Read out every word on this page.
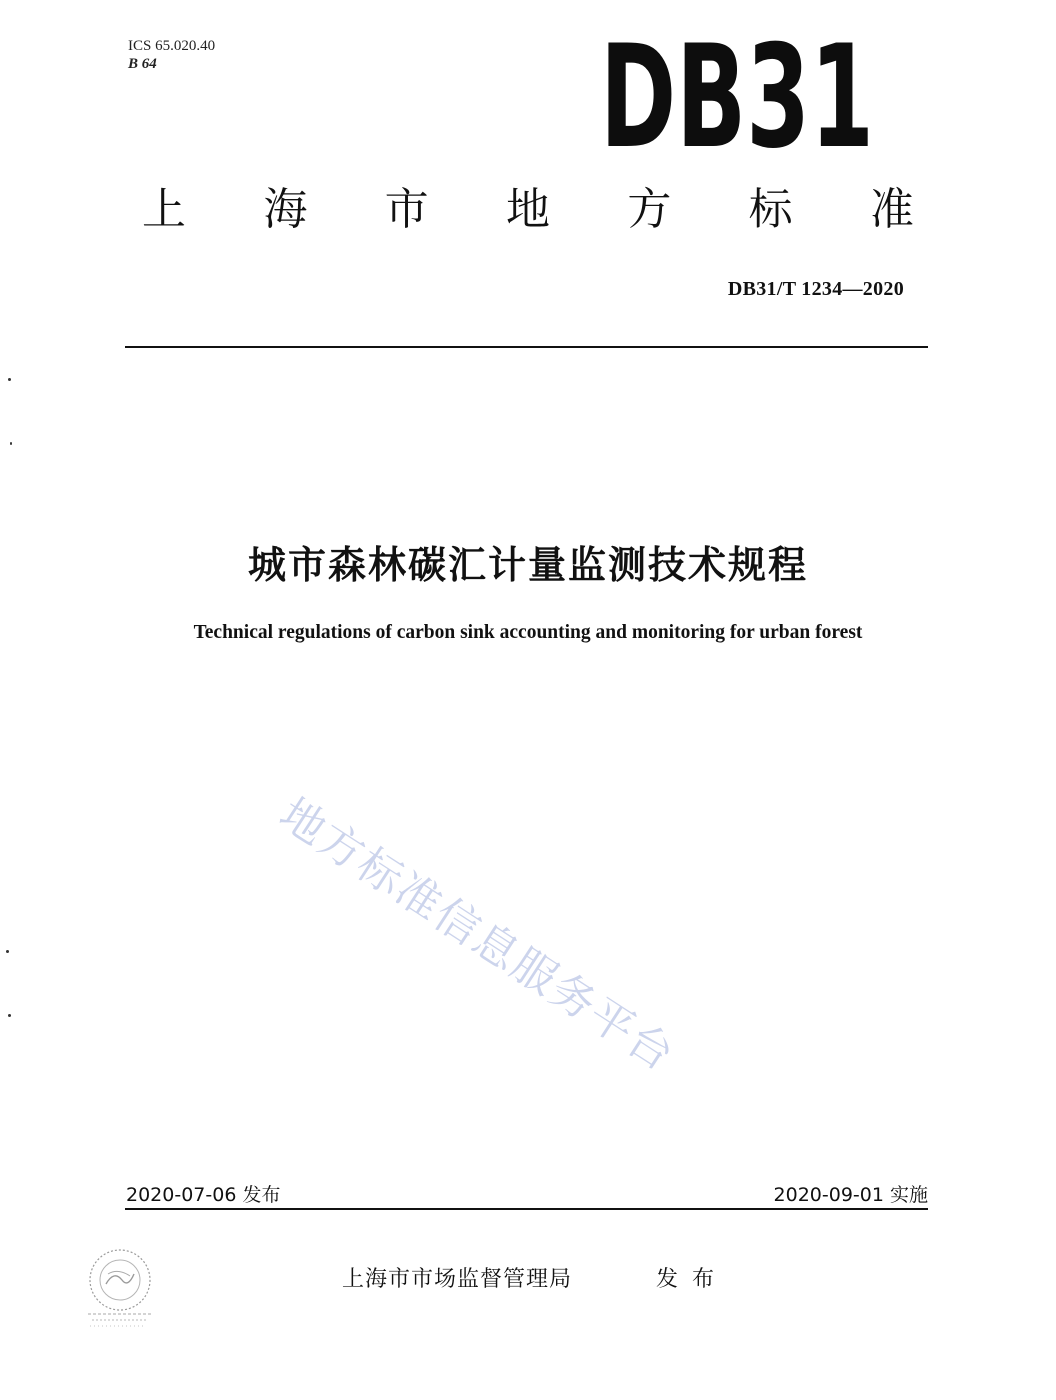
ICS 65.020.40
B 64	DB31
上 海 市 地 方 标 准
DB31/T 1234—2020
城市森林碳汇计量监测技术规程
Technical regulations of carbon sink accounting and monitoring for urban forest
地方标准信息服务平台
2020-07-06 发布	2020-09-01 实施
上海市市场监督管理局	发布
